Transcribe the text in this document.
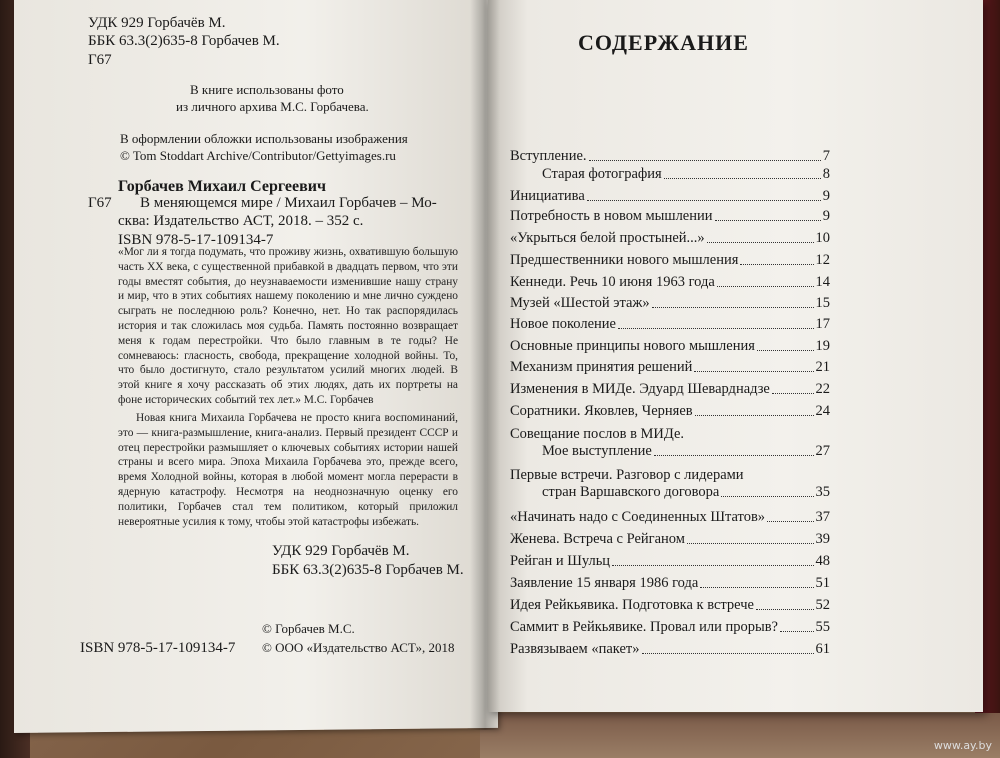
УДК 929 Горбачёв М.
ББК 63.3(2)635-8 Горбачев М.
Г67
В книге использованы фото
из личного архива М.С. Горбачева.
В оформлении обложки использованы изображения
© Tom Stoddart Archive/Contributor/Gettyimages.ru
Горбачев Михаил Сергеевич
Г67 В меняющемся мире / Михаил Горбачев – Мо-
сква: Издательство АСТ, 2018. – 352 с.
ISBN 978-5-17-109134-7
«Мог ли я тогда подумать, что проживу жизнь, охватившую большую часть XX века, с существенной прибавкой в двадцать первом, что эти годы вместят события, до неузнаваемости изменившие нашу страну и мир, что в этих событиях нашему поколению и мне лично суждено сыграть не последнюю роль? Конечно, нет. Но так распорядилась история и так сложилась моя судьба. Память постоянно возвращает меня к годам перестройки. Что было главным в те годы? Не сомневаюсь: гласность, свобода, прекращение холодной войны. То, что было достигнуто, стало результатом усилий многих людей. В этой книге я хочу рассказать об этих людях, дать их портреты на фоне исторических событий тех лет.» М.С. Горбачев
Новая книга Михаила Горбачева не просто книга воспоминаний, это — книга-размышление, книга-анализ. Первый президент СССР и отец перестройки размышляет о ключевых событиях истории нашей страны и всего мира. Эпоха Михаила Горбачева это, прежде всего, время Холодной войны, которая в любой момент могла перерасти в ядерную катастрофу. Несмотря на неоднозначную оценку его политики, Горбачев стал тем политиком, который приложил невероятные усилия к тому, чтобы этой катастрофы избежать.
УДК 929 Горбачёв М.
ББК 63.3(2)635-8 Горбачев М.
© Горбачев М.С.
© ООО «Издательство АСТ», 2018
ISBN 978-5-17-109134-7
СОДЕРЖАНИЕ
Вступление.	7
Старая фотография	8
Инициатива	9
Потребность в новом мышлении	9
«Укрыться белой простыней...»	10
Предшественники нового мышления	12
Кеннеди. Речь 10 июня 1963 года	14
Музей «Шестой этаж»	15
Новое поколение	17
Основные принципы нового мышления	19
Механизм принятия решений	21
Изменения в МИДе. Эдуард Шеварднадзе	22
Соратники. Яковлев, Черняев	24
Совещание послов в МИДе.
Мое выступление	27
Первые встречи. Разговор с лидерами
стран Варшавского договора	35
«Начинать надо с Соединенных Штатов»	37
Женева. Встреча с Рейганом	39
Рейган и Шульц	48
Заявление 15 января 1986 года	51
Идея Рейкьявика. Подготовка к встрече	52
Саммит в Рейкьявике. Провал или прорыв?	55
Развязываем «пакет»	61
www.ay.by
